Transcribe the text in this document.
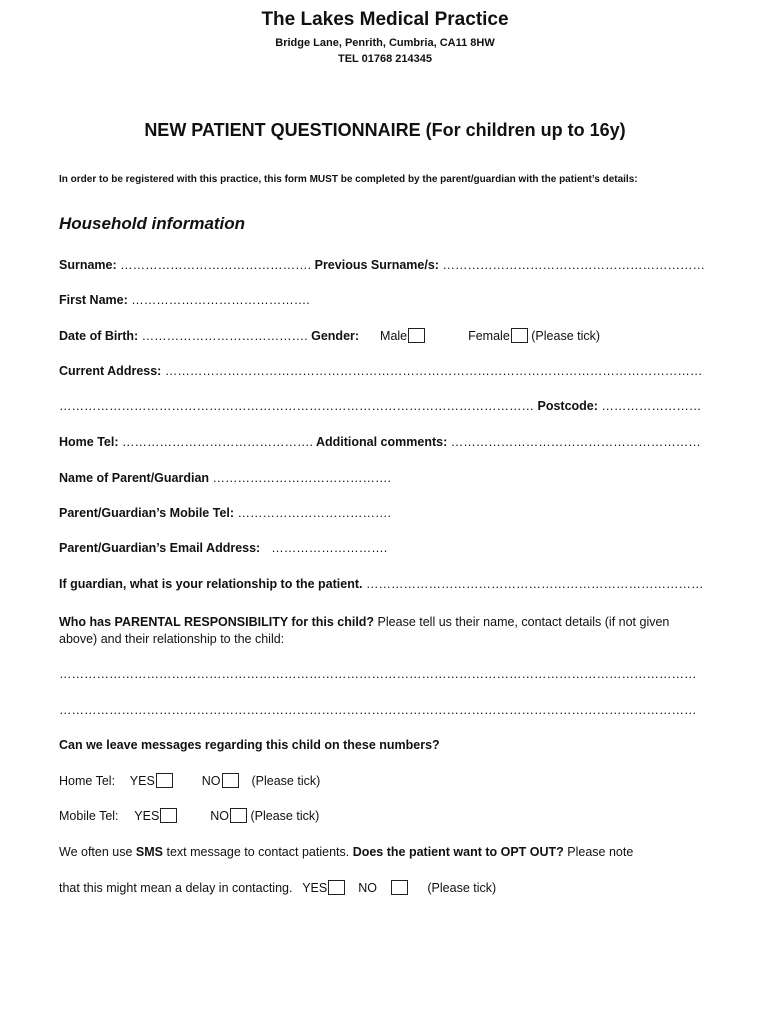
The Lakes Medical Practice
Bridge Lane, Penrith, Cumbria, CA11 8HW
TEL 01768 214345
NEW PATIENT QUESTIONNAIRE (For children up to 16y)
In order to be registered with this practice, this form MUST be completed by the parent/guardian with the patient’s details:
Household information
Surname: ………………………………………. Previous Surname/s: ………………………………………………………
First Name: …………………………………….
Date of Birth: …………………………………. Gender: Male	Female (Please tick)
Current Address: …………………………………………………………………………………………………………………
…………………………………………………………………………………………………… Postcode: ……………………
Home Tel: ………………………………………. Additional comments: ……………………………………………………
Name of Parent/Guardian …………………………………….
Parent/Guardian’s Mobile Tel: ……………………………….
Parent/Guardian’s Email Address: ……………………….
If guardian, what is your relationship to the patient. ………………………………………………………………………
Who has PARENTAL RESPONSIBILITY for this child? Please tell us their name, contact details (if not given above) and their relationship to the child:
………………………………………………………………………………………………………………………………………
………………………………………………………………………………………………………………………………………
Can we leave messages regarding this child on these numbers?
Home Tel: YES	NO (Please tick)
Mobile Tel: YES	NO (Please tick)
We often use SMS text message to contact patients. Does the patient want to OPT OUT? Please note
that this might mean a delay in contacting. YES NO	(Please tick)
